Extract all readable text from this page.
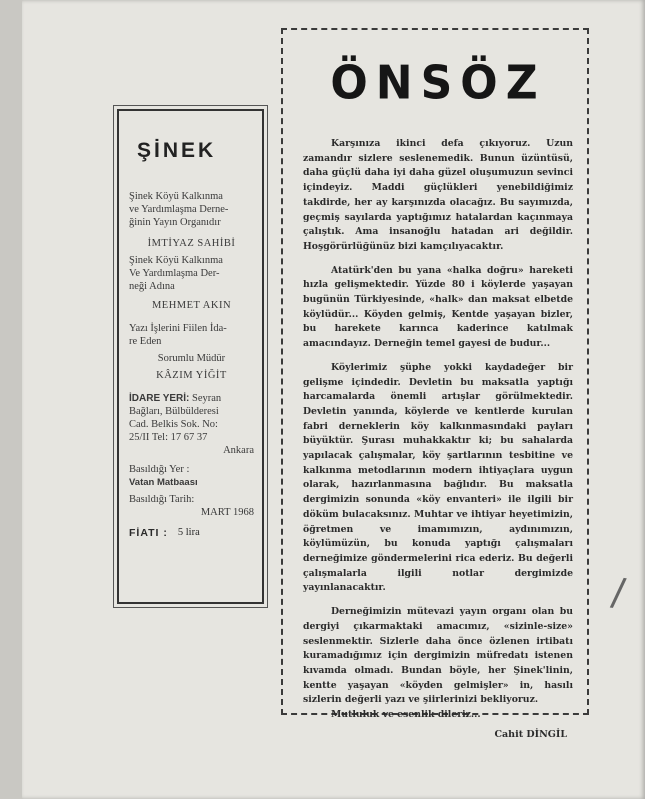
ŞİNEK

Şinek Köyü Kalkınma

ve Yardımlaşma Derne-

ğinin Yayın Organıdır

İMTİYAZ SAHİBİ

Şinek Köyü Kalkınma

Ve Yardımlaşma Der-

neği Adına

MEHMET AKIN

Yazı İşlerini Fiilen İda-

re Eden

Sorumlu Müdür

KÂZIM YİĞİT

İDARE YERİ: Seyran

Bağları, Bülbülderesi

Cad. Belkis Sok. No:

25/II Tel: 17 67 37

Ankara

Basıldığı Yer :

Vatan Matbaası

Basıldığı Tarih:

MART 1968

FİATI : 5 lira
ÖNSÖZ

Karşınıza ikinci defa çıkıyoruz. Uzun zamandır sizlere seslenemedik. Bunun üzüntüsü, daha güçlü daha iyi daha güzel oluşumuzun sevinci içindeyiz. Maddi güçlükleri yenebildiğimiz takdirde, her ay karşınızda olacağız. Bu sayımızda, geçmiş sayılarda yaptığımız hatalardan kaçınmaya çalıştık. Ama insanoğlu hatadan ari değildir. Hoşgörürlüğünüz bizi kamçılıyacaktır.

Atatürk'den bu yana «halka doğru» hareketi hızla gelişmektedir. Yüzde 80 i köylerde yaşayan bugünün Türkiyesinde, «halk» dan maksat elbetde köylüdür... Köyden gelmiş, Kentde yaşayan bizler, bu harekete karınca kaderince katılmak amacındayız. Derneğin temel gayesi de budur...

Köylerimiz şüphe yokki kaydadeğer bir gelişme içindedir. Devletin bu maksatla yaptığı harcamalarda önemli artışlar görülmektedir. Devletin yanında, köylerde ve kentlerde kurulan fabri derneklerin köy kalkınmasındaki payları büyüktür. Şurası muhakkaktır ki; bu sahalarda yapılacak çalışmalar, köy şartlarının tesbitine ve kalkınma metodlarının modern ihtiyaçlara uygun olarak, hazırlanmasına bağlıdır. Bu maksatla dergimizin sonunda «köy envanteri» ile ilgili bir döküm bulacaksınız. Muhtar ve ihtiyar heyetimizin, öğretmen ve imamımızın, aydınımızın, köylümüzün, bu konuda yaptığı çalışmaları derneğimize göndermelerini rica ederiz. Bu değerli çalışmalarla ilgili notlar dergimizde yayınlanacaktır.

Derneğimizin mütevazi yayın organı olan bu dergiyi çıkarmaktaki amacımız, «sizinle-size» seslenmektir. Sizlerle daha önce özlenen irtibatı kuramadığımız için dergimizin müfredatı istenen kıvamda olmadı. Bundan böyle, her Şinek'linin, kentte yaşayan «köyden gelmişler» in, hasılı sizlerin değerli yazı ve şiirlerinizi bekliyoruz.

Mutluluk ve esenlik dileriz...

Cahit DİNGİL

/
